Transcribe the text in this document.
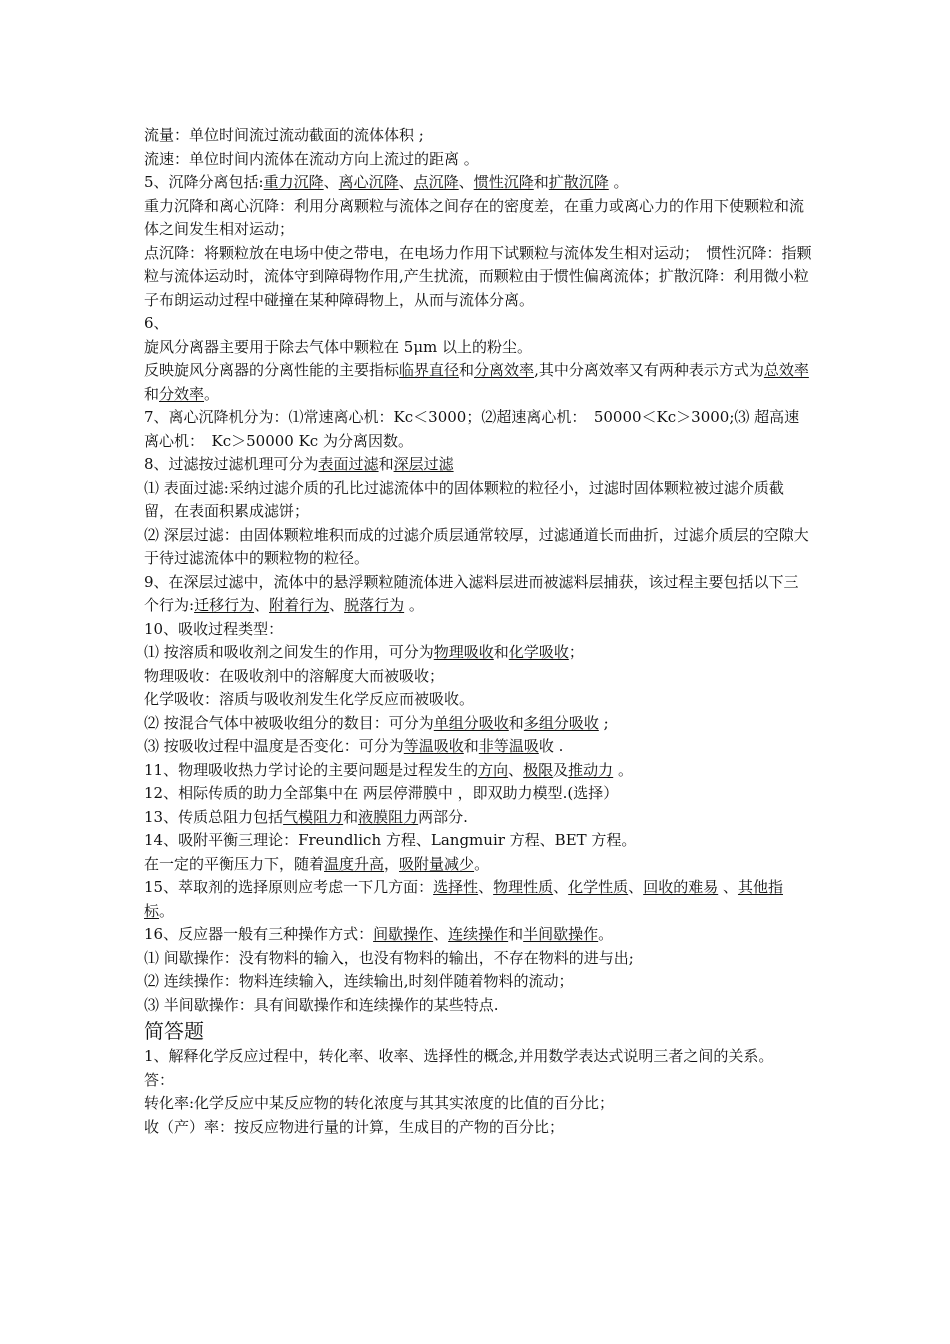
流量：单位时间流过流动截面的流体体积 ;

流速：单位时间内流体在流动方向上流过的距离 。

5、沉降分离包括:重力沉降、离心沉降、点沉降、惯性沉降和扩散沉降 。

重力沉降和离心沉降：利用分离颗粒与流体之间存在的密度差，在重力或离心力的作用下使颗粒和流体之间发生相对运动；

点沉降：将颗粒放在电场中使之带电，在电场力作用下试颗粒与流体发生相对运动；　惯性沉降：指颗粒与流体运动时，流体守到障碍物作用,产生扰流，而颗粒由于惯性偏离流体；扩散沉降：利用微小粒子布朗运动过程中碰撞在某种障碍物上，从而与流体分离。

6、

旋风分离器主要用于除去气体中颗粒在 5μm 以上的粉尘。

反映旋风分离器的分离性能的主要指标临界直径和分离效率,其中分离效率又有两种表示方式为总效率和分效率。

7、离心沉降机分为：⑴常速离心机：Kc＜3000；⑵超速离心机：　50000＜Kc＞3000;⑶ 超高速离心机：　Kc＞50000 Kc 为分离因数。

8、过滤按过滤机理可分为表面过滤和深层过滤

⑴ 表面过滤:采纳过滤介质的孔比过滤流体中的固体颗粒的粒径小，过滤时固体颗粒被过滤介质截留，在表面积累成滤饼；

⑵ 深层过滤：由固体颗粒堆积而成的过滤介质层通常较厚，过滤通道长而曲折，过滤介质层的空隙大于待过滤流体中的颗粒物的粒径。

9、在深层过滤中，流体中的悬浮颗粒随流体进入滤料层进而被滤料层捕获，该过程主要包括以下三个行为:迁移行为、附着行为、脱落行为 。

10、吸收过程类型：

⑴ 按溶质和吸收剂之间发生的作用，可分为物理吸收和化学吸收；

物理吸收：在吸收剂中的溶解度大而被吸收；

化学吸收：溶质与吸收剂发生化学反应而被吸收。

⑵ 按混合气体中被吸收组分的数目：可分为单组分吸收和多组分吸收 ;

⑶ 按吸收过程中温度是否变化：可分为等温吸收和非等温吸收 .

11、物理吸收热力学讨论的主要问题是过程发生的方向、极限及推动力 。

12、相际传质的助力全部集中在 两层停滞膜中 ，即双助力模型.(选择）

13、传质总阻力包括气模阻力和液膜阻力两部分.

14、吸附平衡三理论：Freundlich 方程、Langmuir 方程、BET 方程。

在一定的平衡压力下，随着温度升高，吸附量减少。

15、萃取剂的选择原则应考虑一下几方面：选择性、物理性质、化学性质、回收的难易 、其他指标。

16、反应器一般有三种操作方式：间歇操作、连续操作和半间歇操作。

⑴ 间歇操作：没有物料的输入，也没有物料的输出，不存在物料的进与出;

⑵ 连续操作：物料连续输入，连续输出,时刻伴随着物料的流动；

⑶ 半间歇操作：具有间歇操作和连续操作的某些特点.

简答题

1、解释化学反应过程中，转化率、收率、选择性的概念,并用数学表达式说明三者之间的关系。

答：

转化率:化学反应中某反应物的转化浓度与其其实浓度的比值的百分比；

收（产）率：按反应物进行量的计算，生成目的产物的百分比；
